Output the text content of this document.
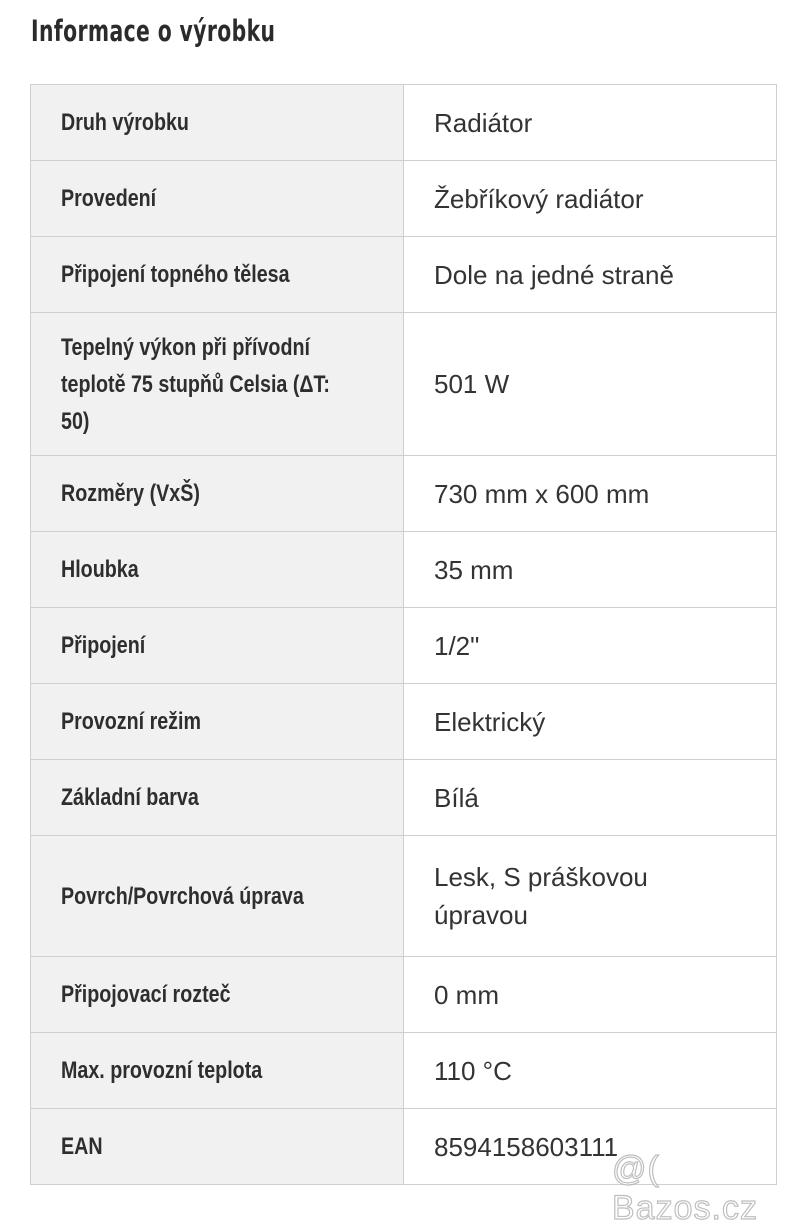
Informace o výrobku
Druh výrobku	Radiátor
Provedení	Žebříkový radiátor
Připojení topného tělesa	Dole na jedné straně
Tepelný výkon při přívodní
teplotě 75 stupňů Celsia (ΔT:
50)	501 W
Rozměry (VxŠ)	730 mm x 600 mm
Hloubka	35 mm
Připojení	1/2"
Provozní režim	Elektrický
Základní barva	Bílá
Povrch/Povrchová úprava	Lesk, S práškovou
úpravou
Připojovací rozteč	0 mm
Max. provozní teplota	110 °C
EAN	8594158603111
@( Bazos.cz
